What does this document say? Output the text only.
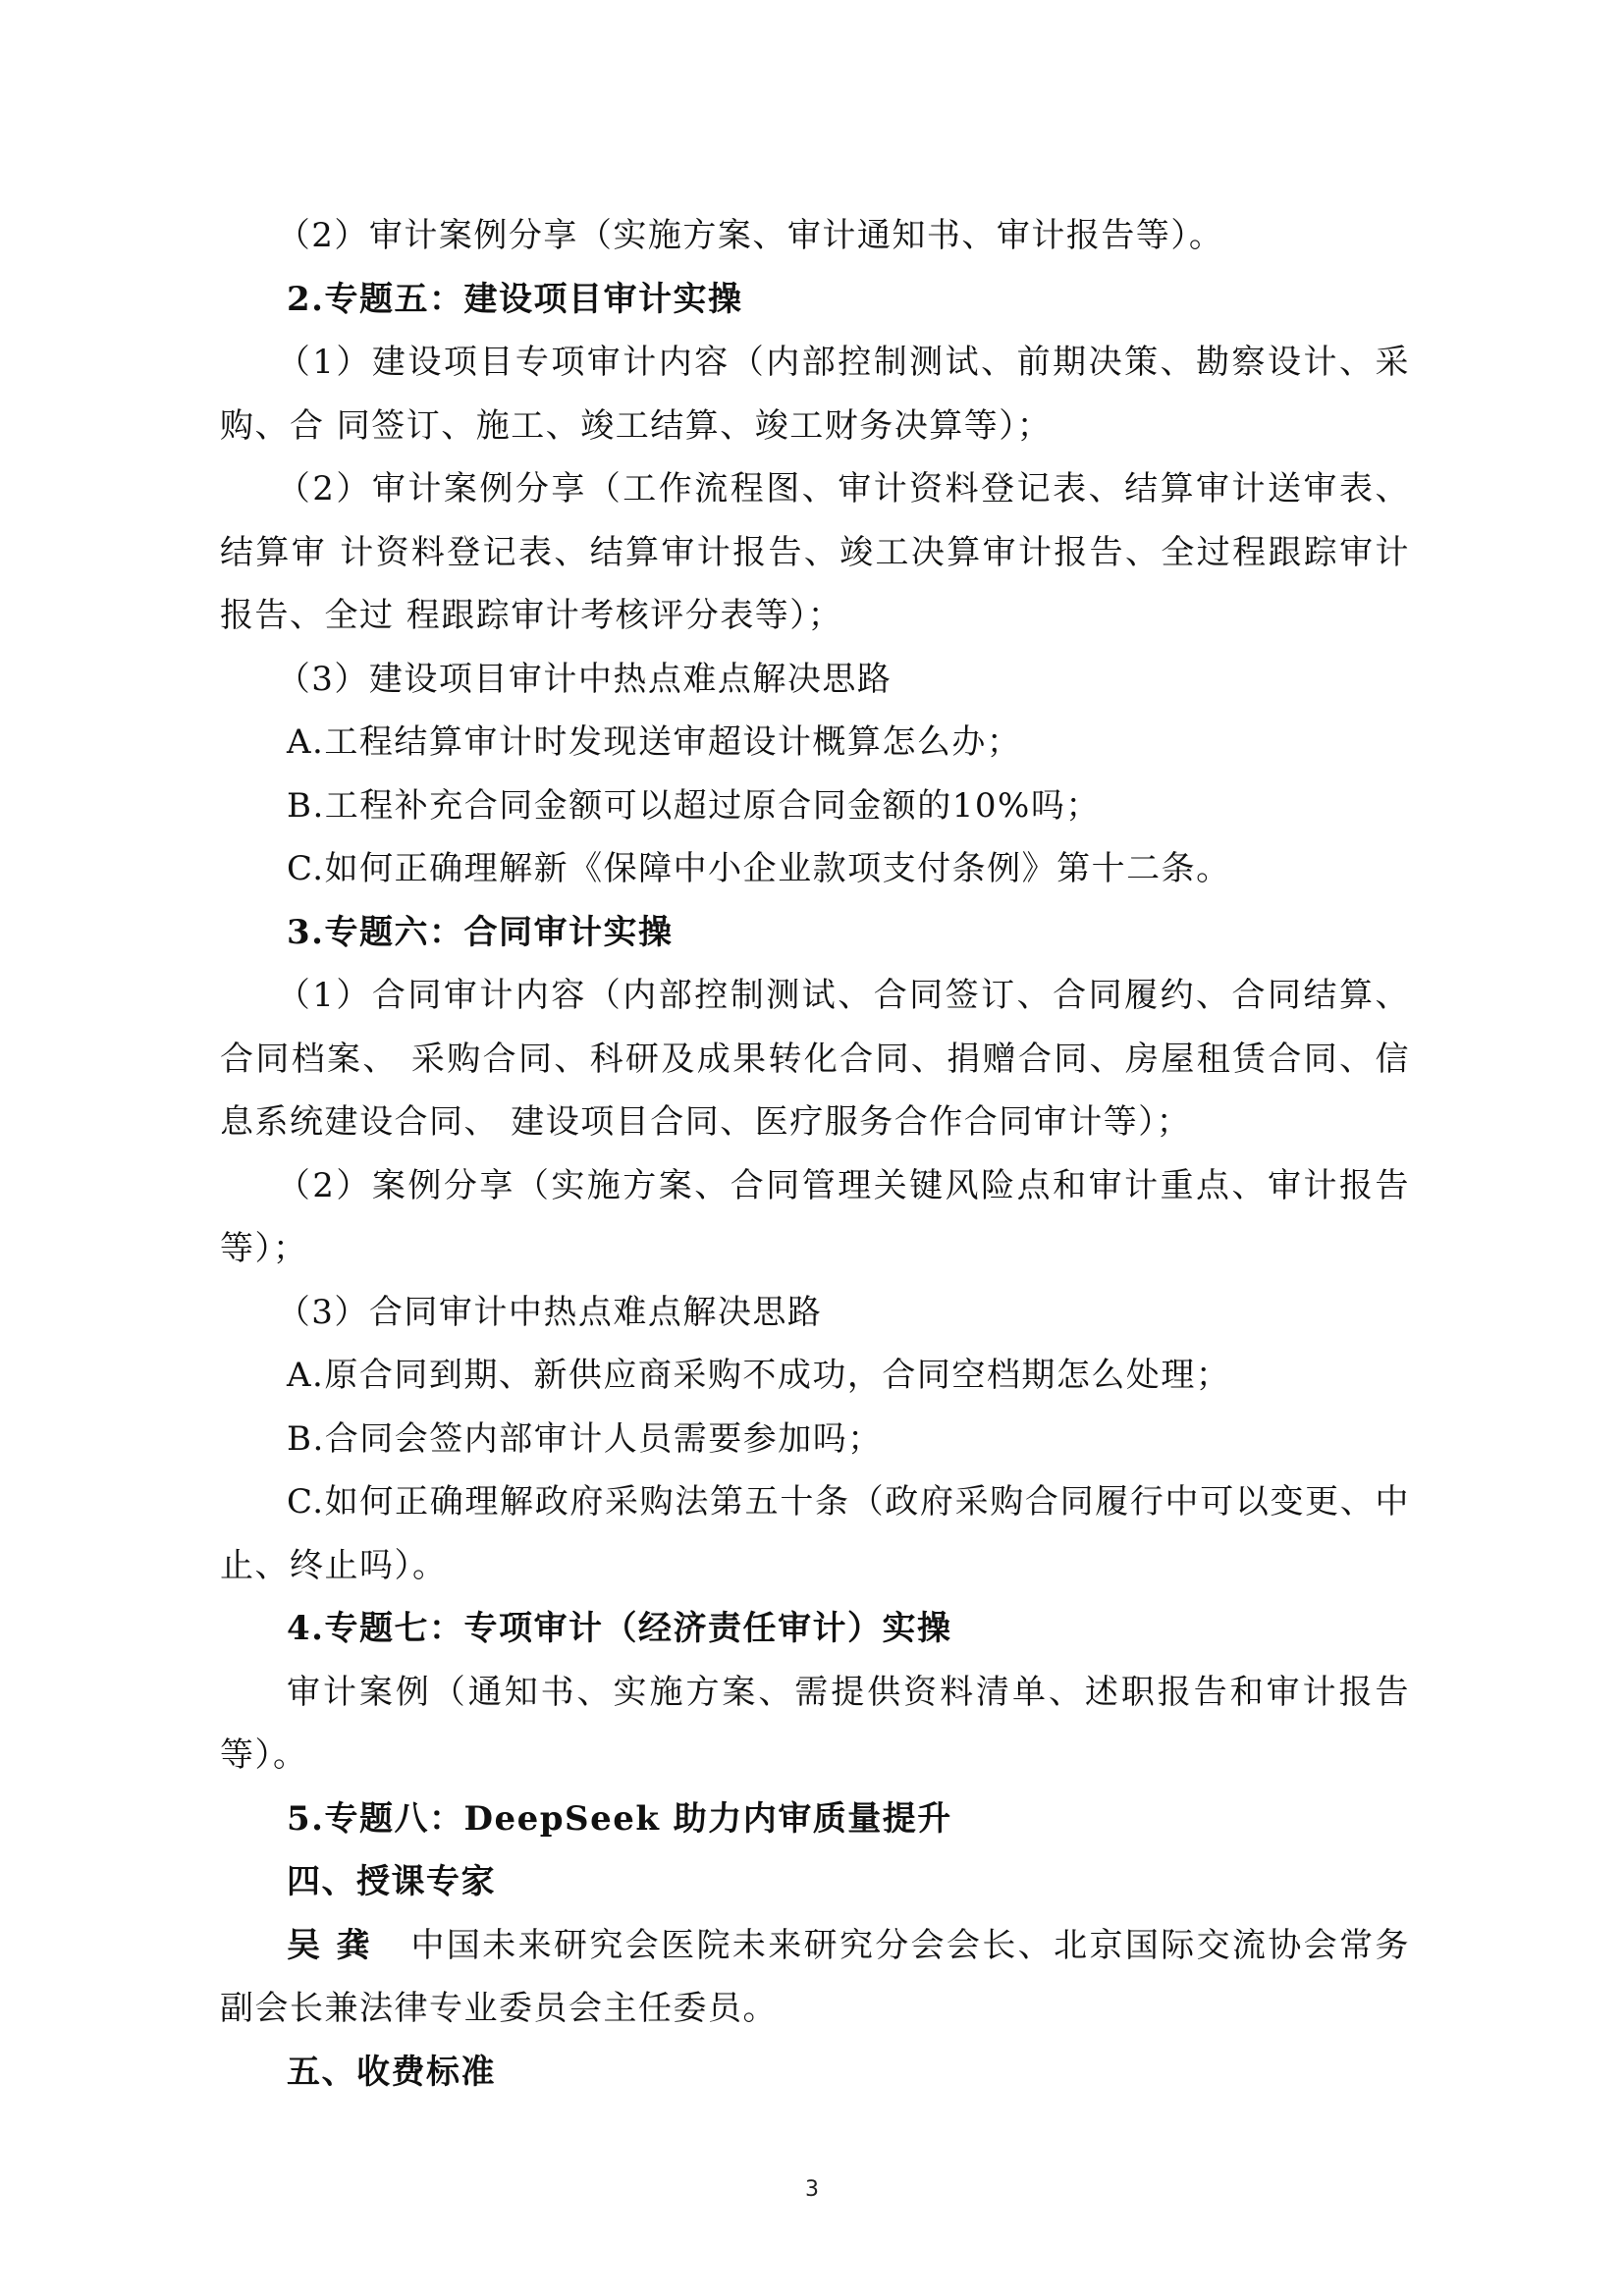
（2）审计案例分享（实施方案、审计通知书、审计报告等）。

2.专题五：建设项目审计实操

（1）建设项目专项审计内容（内部控制测试、前期决策、勘察设计、采购、合 同签订、施工、竣工结算、竣工财务决算等）；

（2）审计案例分享（工作流程图、审计资料登记表、结算审计送审表、结算审 计资料登记表、结算审计报告、竣工决算审计报告、全过程跟踪审计报告、全过 程跟踪审计考核评分表等）；

（3）建设项目审计中热点难点解决思路

A.工程结算审计时发现送审超设计概算怎么办；

B.工程补充合同金额可以超过原合同金额的10%吗；

C.如何正确理解新《保障中小企业款项支付条例》第十二条。

3.专题六：合同审计实操

（1）合同审计内容（内部控制测试、合同签订、合同履约、合同结算、合同档案、 采购合同、科研及成果转化合同、捐赠合同、房屋租赁合同、信息系统建设合同、 建设项目合同、医疗服务合作合同审计等）；

（2）案例分享（实施方案、合同管理关键风险点和审计重点、审计报告等）；

（3）合同审计中热点难点解决思路

A.原合同到期、新供应商采购不成功，合同空档期怎么处理；

B.合同会签内部审计人员需要参加吗；

C.如何正确理解政府采购法第五十条（政府采购合同履行中可以变更、中 止、终止吗）。

4.专题七：专项审计（经济责任审计）实操

审计案例（通知书、实施方案、需提供资料清单、述职报告和审计报告等）。

5.专题八：DeepSeek 助力内审质量提升

四、授课专家

吴 龚 中国未来研究会医院未来研究分会会长、北京国际交流协会常务副会长兼法律专业委员会主任委员。

五、收费标准

3
